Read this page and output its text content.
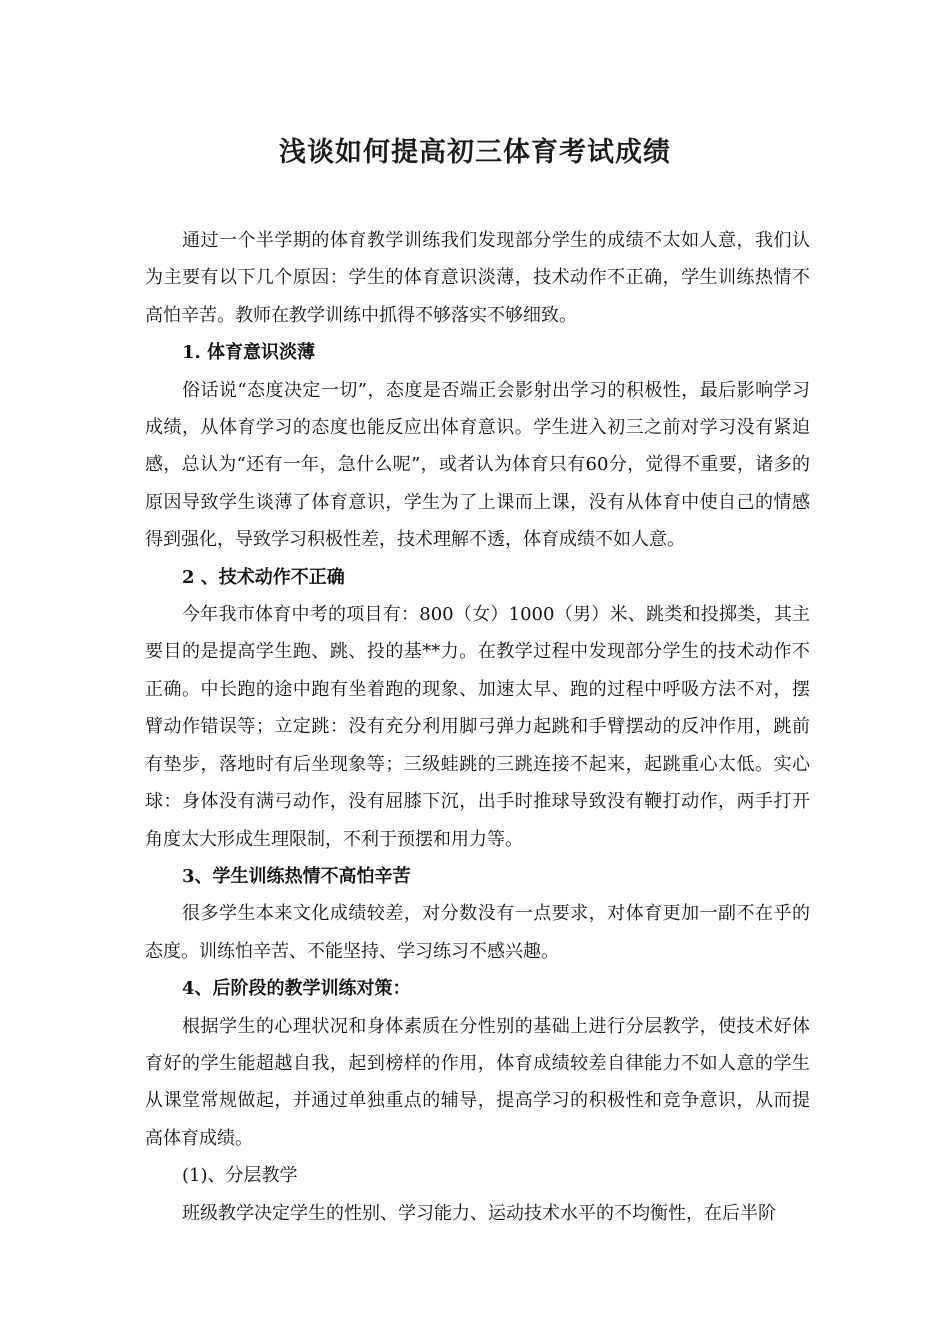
浅谈如何提高初三体育考试成绩

通过一个半学期的体育教学训练我们发现部分学生的成绩不太如人意，我们认为主要有以下几个原因：学生的体育意识淡薄，技术动作不正确，学生训练热情不高怕辛苦。教师在教学训练中抓得不够落实不够细致。

1. 体育意识淡薄

俗话说“态度决定一切”，态度是否端正会影射出学习的积极性，最后影响学习成绩，从体育学习的态度也能反应出体育意识。学生进入初三之前对学习没有紧迫感，总认为“还有一年，急什么呢”，或者认为体育只有60分，觉得不重要，诸多的原因导致学生谈薄了体育意识，学生为了上课而上课，没有从体育中使自己的情感得到强化，导致学习积极性差，技术理解不透，体育成绩不如人意。

2 、技术动作不正确

今年我市体育中考的项目有：800（女）1000（男）米、跳类和投掷类，其主要目的是提高学生跑、跳、投的基**力。在教学过程中发现部分学生的技术动作不正确。中长跑的途中跑有坐着跑的现象、加速太早、跑的过程中呼吸方法不对，摆臂动作错误等；立定跳：没有充分利用脚弓弹力起跳和手臂摆动的反冲作用，跳前有垫步，落地时有后坐现象等；三级蛙跳的三跳连接不起来，起跳重心太低。实心球：身体没有满弓动作，没有屈膝下沉，出手时推球导致没有鞭打动作，两手打开角度太大形成生理限制，不利于预摆和用力等。

3、学生训练热情不高怕辛苦

很多学生本来文化成绩较差，对分数没有一点要求，对体育更加一副不在乎的态度。训练怕辛苦、不能坚持、学习练习不感兴趣。

4、后阶段的教学训练对策：

根据学生的心理状况和身体素质在分性别的基础上进行分层教学，使技术好体育好的学生能超越自我，起到榜样的作用，体育成绩较差自律能力不如人意的学生从课堂常规做起，并通过单独重点的辅导，提高学习的积极性和竞争意识，从而提高体育成绩。

(1)、分层教学

班级教学决定学生的性别、学习能力、运动技术水平的不均衡性，在后半阶
